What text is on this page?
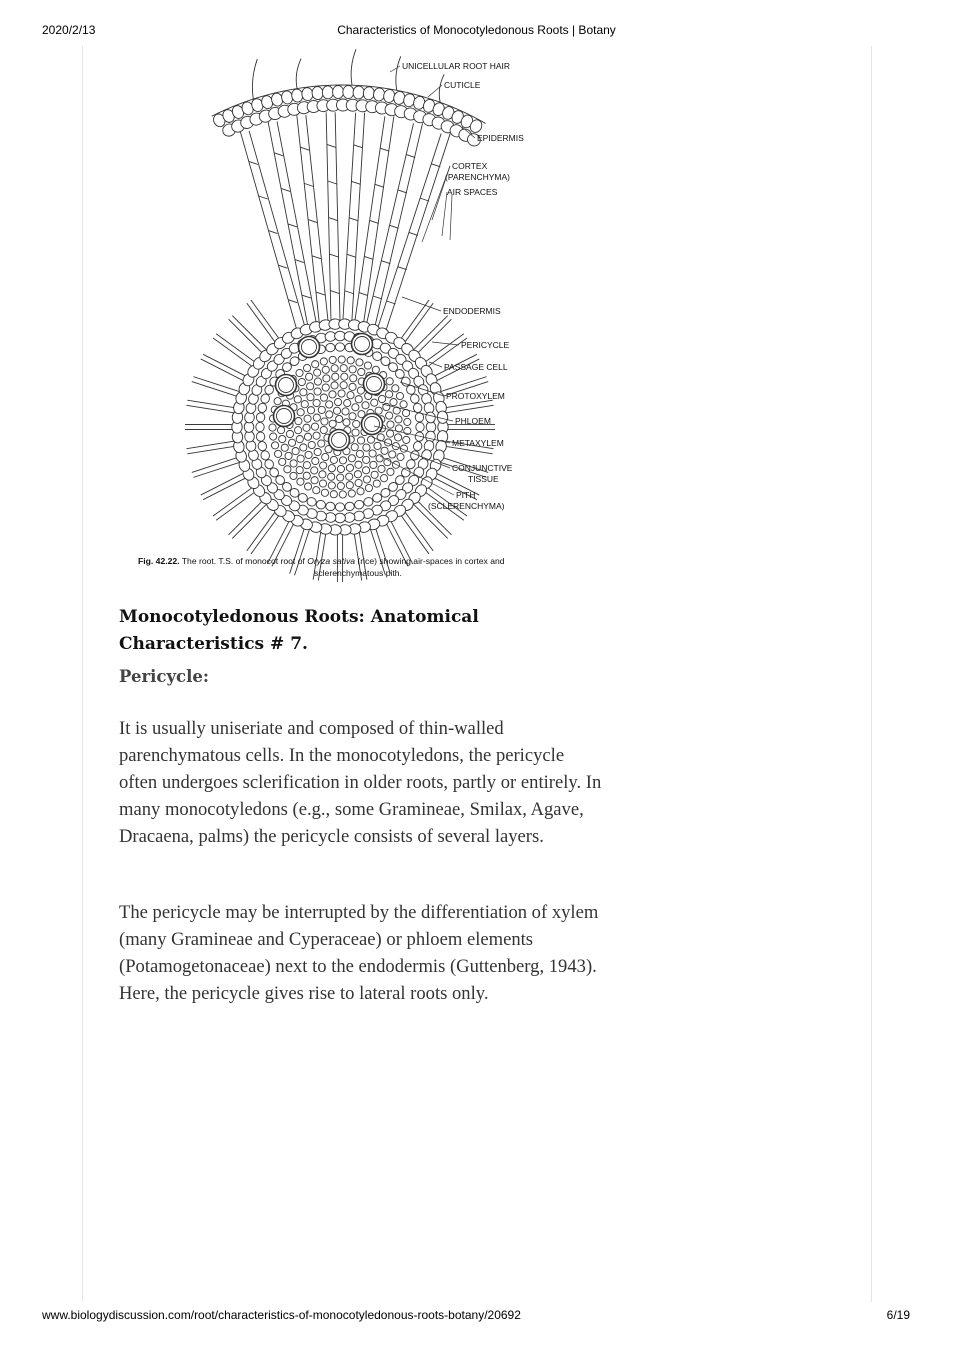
2020/2/13	Characteristics of Monocotyledonous Roots | Botany
UNICELLULAR ROOT HAIR
CUTICLE
EPIDERMIS
CORTEX
(PARENCHYMA)
AIR SPACES
ENDODERMIS
PERICYCLE
PASSAGE CELL
PROTOXYLEM
PHLOEM
METAXYLEM
CONJUNCTIVE
TISSUE
PITH
(SCLERENCHYMA)
Fig. 42.22. The root. T.S. of monocot root of Oryza sativa (rice) showing air-spaces in cortex and
sclerenchymatous pith.
Monocotyledonous Roots: Anatomical
Characteristics # 7.
Pericycle:

It is usually uniseriate and composed of thin-walled parenchymatous cells. In the monocotyledons, the pericycle often undergoes sclerification in older roots, partly or entirely. In many monocotyledons (e.g., some Gramineae, Smilax, Agave, Dracaena, palms) the pericycle consists of several layers.

The pericycle may be interrupted by the differentiation of xylem (many Gramineae and Cyperaceae) or phloem elements (Potamogetonaceae) next to the endodermis (Guttenberg, 1943). Here, the pericycle gives rise to lateral roots only.

www.biologydiscussion.com/root/characteristics-of-monocotyledonous-roots-botany/20692	6/19
